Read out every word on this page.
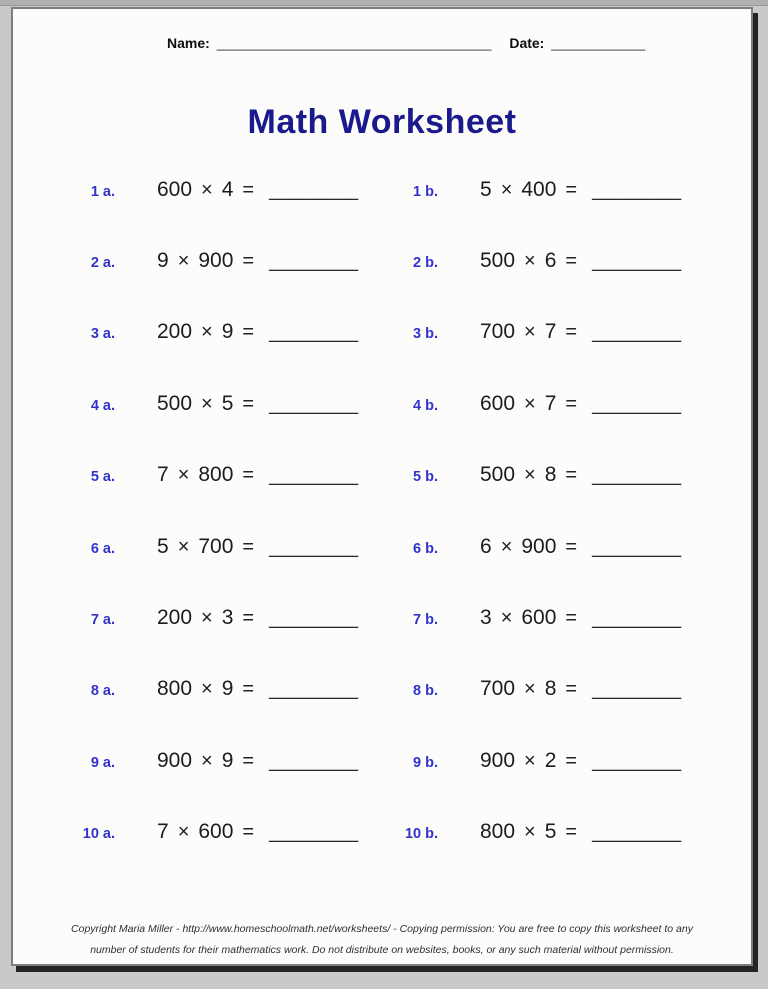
Name: ______________________________________ Date: _____________
Math Worksheet
1 a. 600 × 4 = ________	1 b. 5 × 400 = ________
2 a. 9 × 900 = ________	2 b. 500 × 6 = ________
3 a. 200 × 9 = ________	3 b. 700 × 7 = ________
4 a. 500 × 5 = ________	4 b. 600 × 7 = ________
5 a. 7 × 800 = ________	5 b. 500 × 8 = ________
6 a. 5 × 700 = ________	6 b. 6 × 900 = ________
7 a. 200 × 3 = ________	7 b. 3 × 600 = ________
8 a. 800 × 9 = ________	8 b. 700 × 8 = ________
9 a. 900 × 9 = ________	9 b. 900 × 2 = ________
10 a. 7 × 600 = ________	10 b. 800 × 5 = ________
Copyright Maria Miller - http://www.homeschoolmath.net/worksheets/ - Copying permission: You are free to copy this worksheet to any
number of students for their mathematics work. Do not distribute on websites, books, or any such material without permission.
